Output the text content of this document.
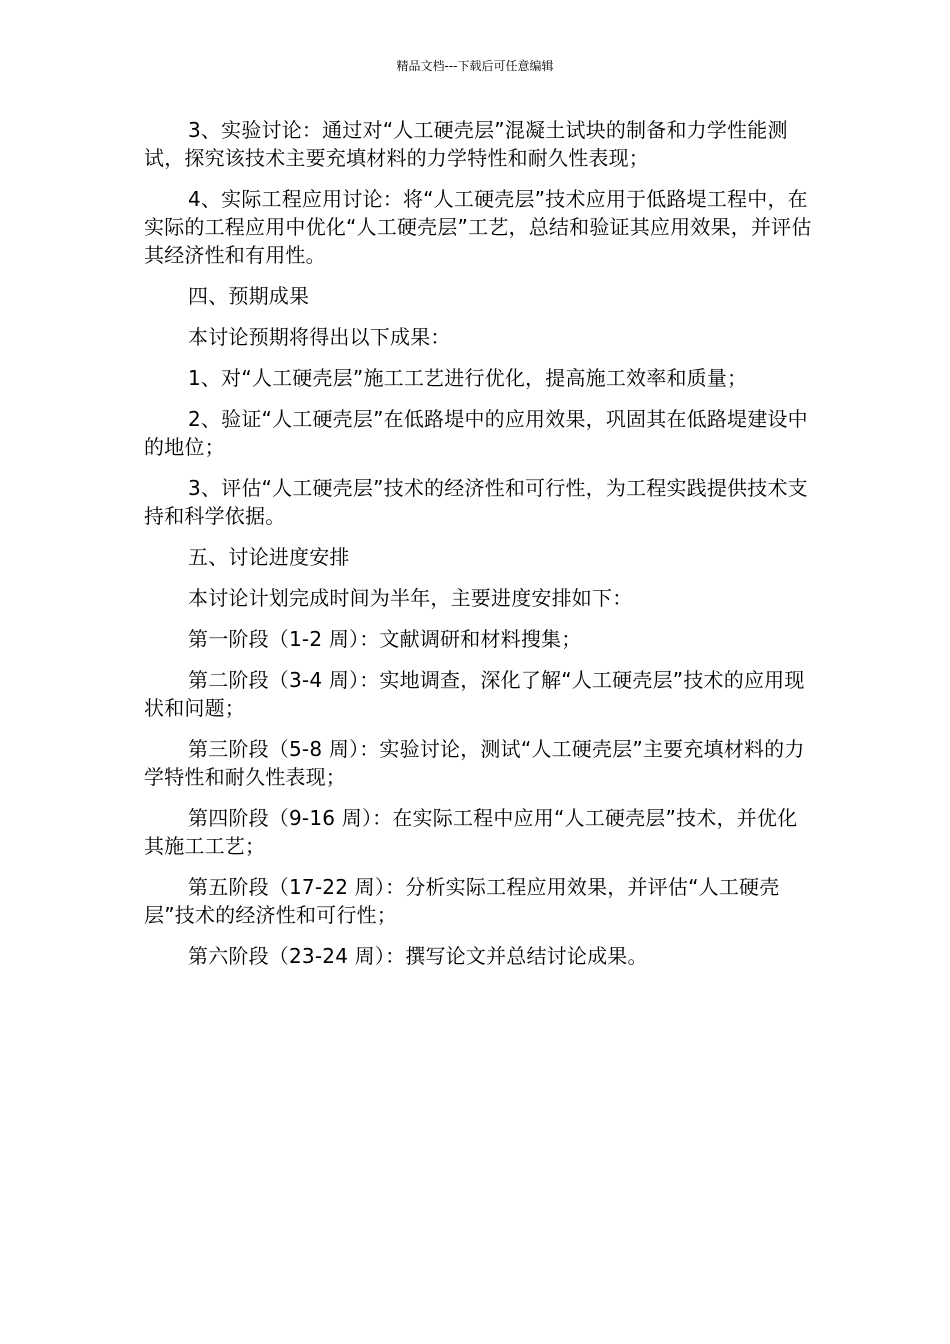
精品文档---下载后可任意编辑

3、实验讨论：通过对“人工硬壳层”混凝土试块的制备和力学性能测试，探究该技术主要充填材料的力学特性和耐久性表现；

4、实际工程应用讨论：将“人工硬壳层”技术应用于低路堤工程中，在实际的工程应用中优化“人工硬壳层”工艺，总结和验证其应用效果，并评估其经济性和有用性。

四、预期成果

本讨论预期将得出以下成果：

1、对“人工硬壳层”施工工艺进行优化，提高施工效率和质量；

2、验证“人工硬壳层”在低路堤中的应用效果，巩固其在低路堤建设中的地位；

3、评估“人工硬壳层”技术的经济性和可行性，为工程实践提供技术支持和科学依据。

五、讨论进度安排

本讨论计划完成时间为半年，主要进度安排如下：

第一阶段（1-2 周）：文献调研和材料搜集；

第二阶段（3-4 周）：实地调查，深化了解“人工硬壳层”技术的应用现状和问题；

第三阶段（5-8 周）：实验讨论，测试“人工硬壳层”主要充填材料的力学特性和耐久性表现；

第四阶段（9-16 周）：在实际工程中应用“人工硬壳层”技术，并优化其施工工艺；

第五阶段（17-22 周）：分析实际工程应用效果，并评估“人工硬壳层”技术的经济性和可行性；

第六阶段（23-24 周）：撰写论文并总结讨论成果。
